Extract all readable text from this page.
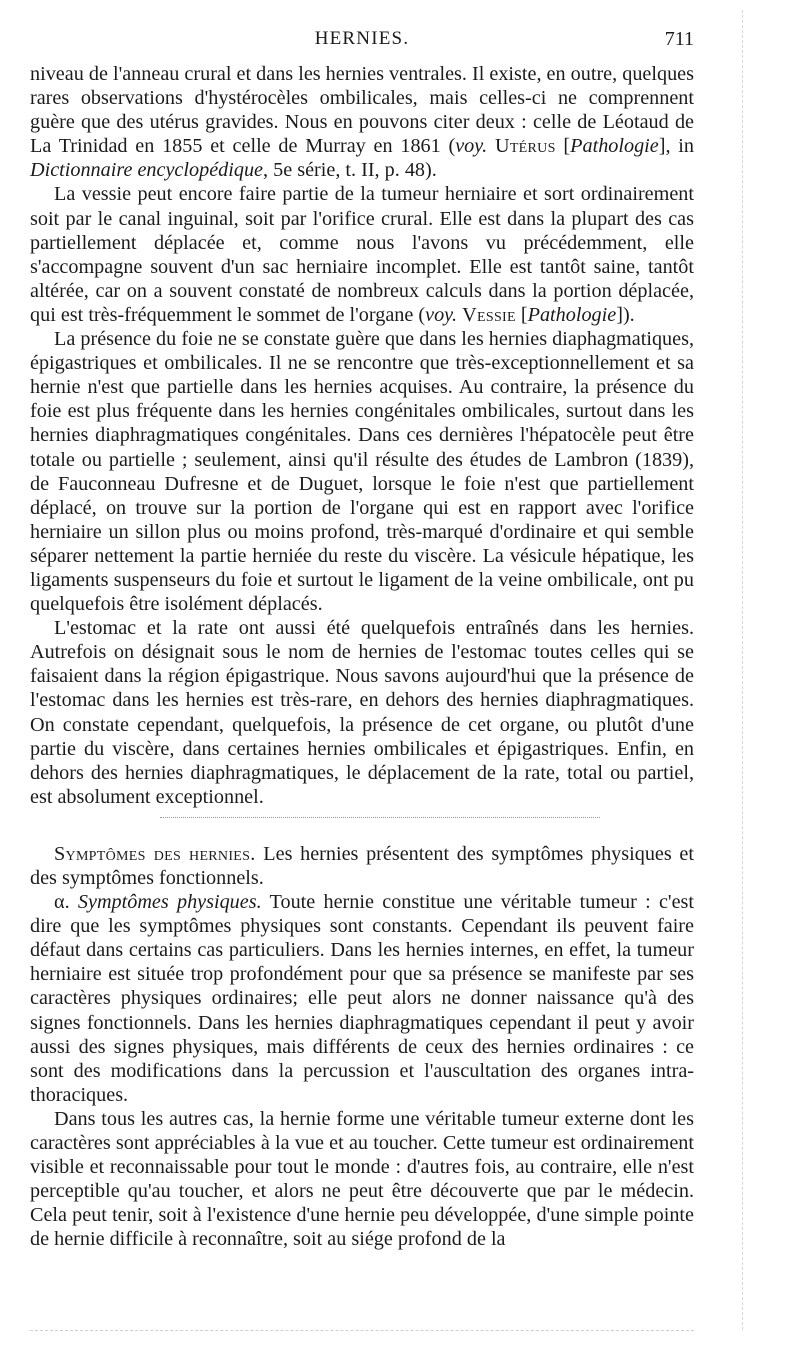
HERNIES.	711

niveau de l'anneau crural et dans les hernies ventrales. Il existe, en outre, quelques rares observations d'hystérocèles ombilicales, mais celles-ci ne comprennent guère que des utérus gravides. Nous en pouvons citer deux : celle de Léotaud de La Trinidad en 1855 et celle de Murray en 1861 (voy. Utérus [Pathologie], in Dictionnaire encyclopédique, 5e série, t. II, p. 48).

La vessie peut encore faire partie de la tumeur herniaire et sort ordinairement soit par le canal inguinal, soit par l'orifice crural. Elle est dans la plupart des cas partiellement déplacée et, comme nous l'avons vu précédemment, elle s'accompagne souvent d'un sac herniaire incomplet. Elle est tantôt saine, tantôt altérée, car on a souvent constaté de nombreux calculs dans la portion déplacée, qui est très-fréquemment le sommet de l'organe (voy. Vessie [Pathologie]).

La présence du foie ne se constate guère que dans les hernies diaphagmatiques, épigastriques et ombilicales. Il ne se rencontre que très-exceptionnellement et sa hernie n'est que partielle dans les hernies acquises. Au contraire, la présence du foie est plus fréquente dans les hernies congénitales ombilicales, surtout dans les hernies diaphragmatiques congénitales. Dans ces dernières l'hépatocèle peut être totale ou partielle ; seulement, ainsi qu'il résulte des études de Lambron (1839), de Fauconneau Dufresne et de Duguet, lorsque le foie n'est que partiellement déplacé, on trouve sur la portion de l'organe qui est en rapport avec l'orifice herniaire un sillon plus ou moins profond, très-marqué d'ordinaire et qui semble séparer nettement la partie herniée du reste du viscère. La vésicule hépatique, les ligaments suspenseurs du foie et surtout le ligament de la veine ombilicale, ont pu quelquefois être isolément déplacés.

L'estomac et la rate ont aussi été quelquefois entraînés dans les hernies. Autrefois on désignait sous le nom de hernies de l'estomac toutes celles qui se faisaient dans la région épigastrique. Nous savons aujourd'hui que la présence de l'estomac dans les hernies est très-rare, en dehors des hernies diaphragmatiques. On constate cependant, quelquefois, la présence de cet organe, ou plutôt d'une partie du viscère, dans certaines hernies ombilicales et épigastriques. Enfin, en dehors des hernies diaphragmatiques, le déplacement de la rate, total ou partiel, est absolument exceptionnel.

Symptômes des hernies. Les hernies présentent des symptômes physiques et des symptômes fonctionnels.

α. Symptômes physiques. Toute hernie constitue une véritable tumeur : c'est dire que les symptômes physiques sont constants. Cependant ils peuvent faire défaut dans certains cas particuliers. Dans les hernies internes, en effet, la tumeur herniaire est située trop profondément pour que sa présence se manifeste par ses caractères physiques ordinaires; elle peut alors ne donner naissance qu'à des signes fonctionnels. Dans les hernies diaphragmatiques cependant il peut y avoir aussi des signes physiques, mais différents de ceux des hernies ordinaires : ce sont des modifications dans la percussion et l'auscultation des organes intra-thoraciques.

Dans tous les autres cas, la hernie forme une véritable tumeur externe dont les caractères sont appréciables à la vue et au toucher. Cette tumeur est ordinairement visible et reconnaissable pour tout le monde : d'autres fois, au contraire, elle n'est perceptible qu'au toucher, et alors ne peut être découverte que par le médecin. Cela peut tenir, soit à l'existence d'une hernie peu développée, d'une simple pointe de hernie difficile à reconnaître, soit au siége profond de la
